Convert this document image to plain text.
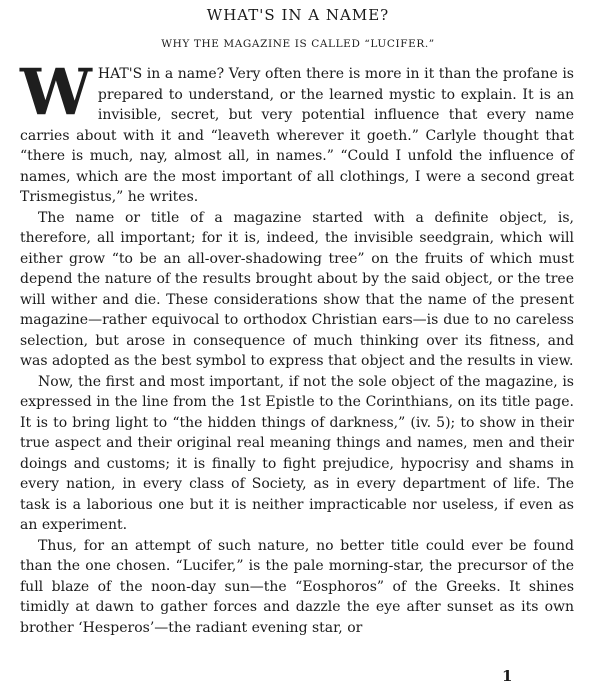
WHAT'S IN A NAME?
WHY THE MAGAZINE IS CALLED “LUCIFER.”

WHAT'S in a name? Very often there is more in it than the profane is prepared to understand, or the learned mystic to explain. It is an invisible, secret, but very potential influence that every name carries about with it and “leaveth wherever it goeth.” Carlyle thought that “there is much, nay, almost all, in names.” “Could I unfold the influence of names, which are the most important of all clothings, I were a second great Trismegistus,” he writes.

The name or title of a magazine started with a definite object, is, therefore, all important; for it is, indeed, the invisible seedgrain, which will either grow “to be an all-over-shadowing tree” on the fruits of which must depend the nature of the results brought about by the said object, or the tree will wither and die. These considerations show that the name of the present magazine—rather equivocal to orthodox Christian ears—is due to no careless selection, but arose in consequence of much thinking over its fitness, and was adopted as the best symbol to express that object and the results in view.

Now, the first and most important, if not the sole object of the magazine, is expressed in the line from the 1st Epistle to the Corinthians, on its title page. It is to bring light to “the hidden things of darkness,” (iv. 5); to show in their true aspect and their original real meaning things and names, men and their doings and customs; it is finally to fight prejudice, hypocrisy and shams in every nation, in every class of Society, as in every department of life. The task is a laborious one but it is neither impracticable nor useless, if even as an experiment.

Thus, for an attempt of such nature, no better title could ever be found than the one chosen. “Lucifer,” is the pale morning-star, the precursor of the full blaze of the noon-day sun—the “Eosphoros” of the Greeks. It shines timidly at dawn to gather forces and dazzle the eye after sunset as its own brother ‘Hesperos’—the radiant evening star, or

1
